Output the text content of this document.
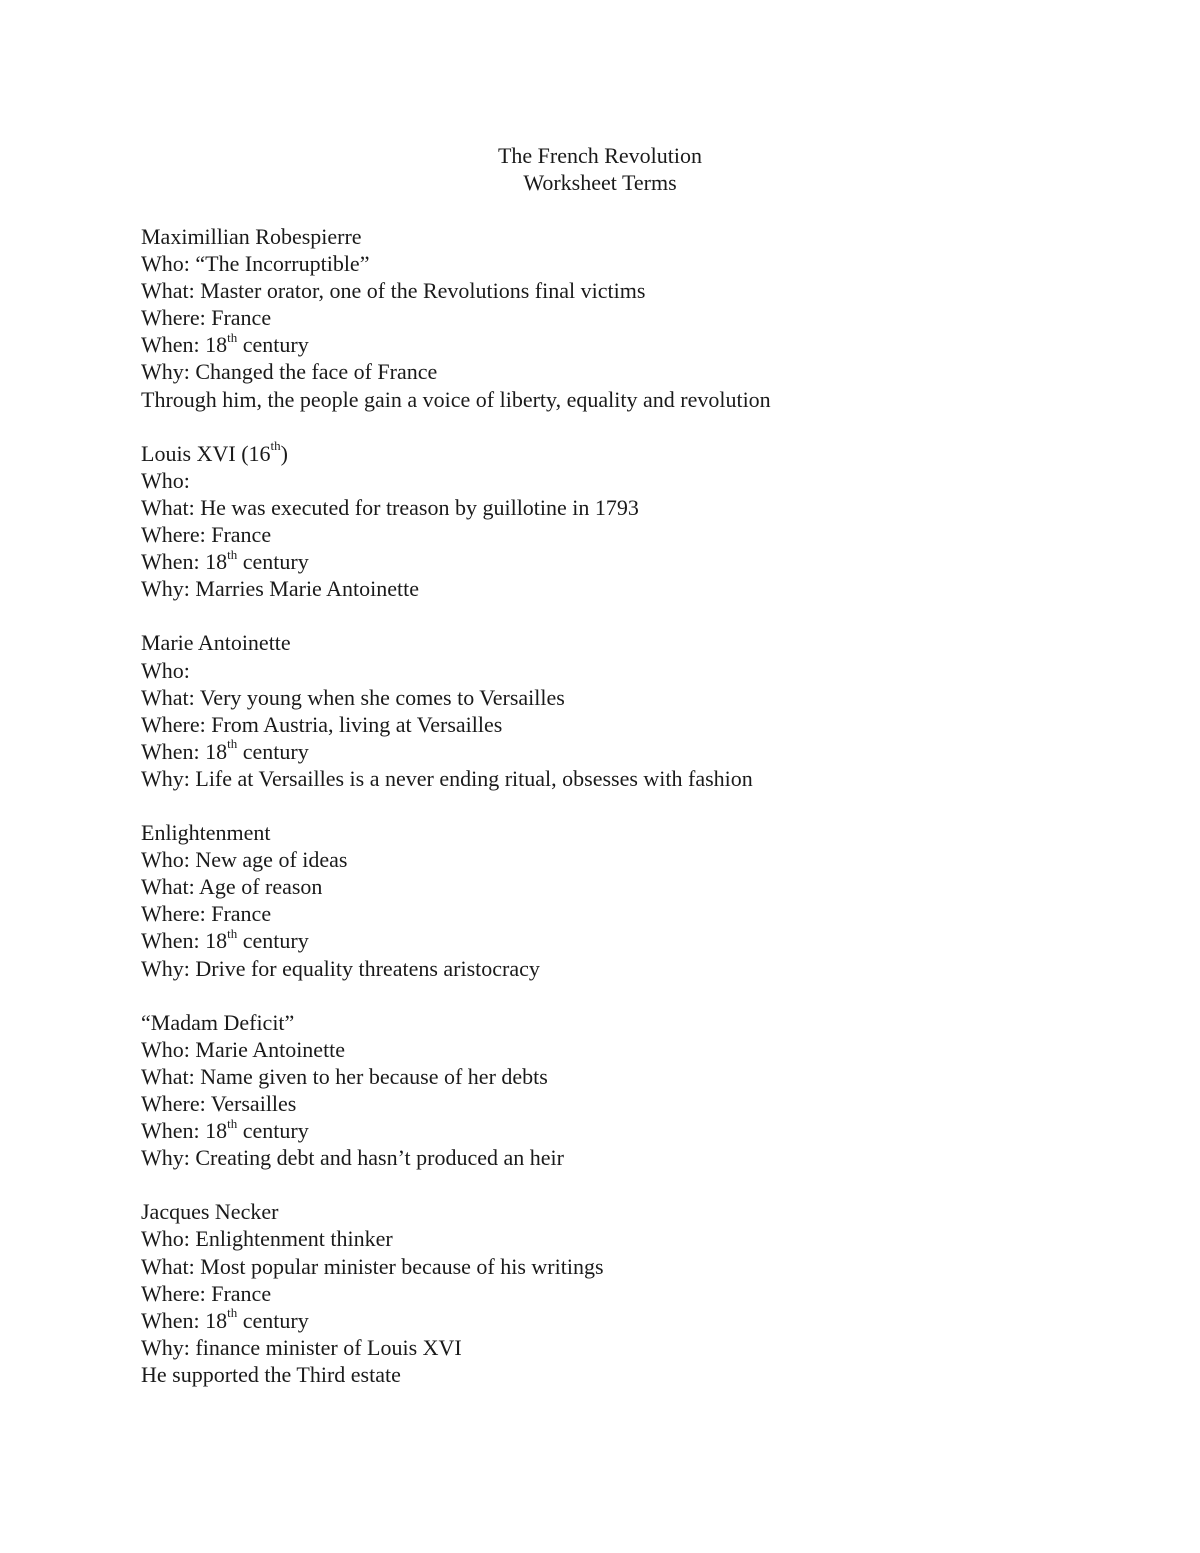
The French Revolution
Worksheet Terms
Maximillian Robespierre
Who: “The Incorruptible”
What: Master orator, one of the Revolutions final victims
Where: France
When: 18th century
Why: Changed the face of France
Through him, the people gain a voice of liberty, equality and revolution
Louis XVI (16th)
Who:
What: He was executed for treason by guillotine in 1793
Where: France
When: 18th century
Why: Marries Marie Antoinette
Marie Antoinette
Who:
What: Very young when she comes to Versailles
Where: From Austria, living at Versailles
When: 18th century
Why: Life at Versailles is a never ending ritual, obsesses with fashion
Enlightenment
Who: New age of ideas
What: Age of reason
Where: France
When: 18th century
Why: Drive for equality threatens aristocracy
“Madam Deficit”
Who: Marie Antoinette
What: Name given to her because of her debts
Where: Versailles
When: 18th century
Why: Creating debt and hasn’t produced an heir
Jacques Necker
Who: Enlightenment thinker
What: Most popular minister because of his writings
Where: France
When: 18th century
Why: finance minister of Louis XVI
He supported the Third estate
